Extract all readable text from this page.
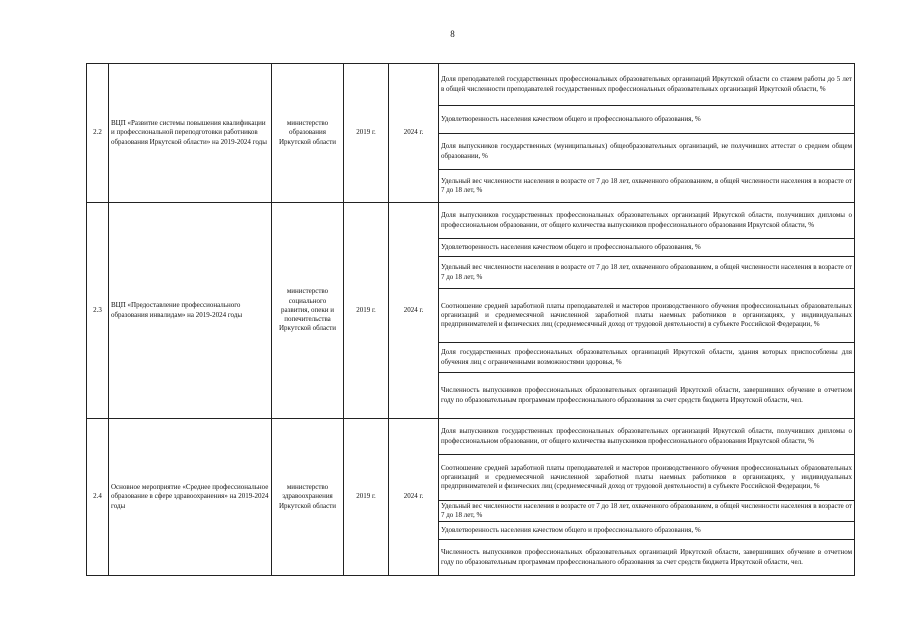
8
2.2	ВЦП «Развитие системы повышения квалификации и профессиональной переподготовки работников образования Иркутской области» на 2019-2024 годы	министерство образования Иркутской области	2019 г.	2024 г.	Доля преподавателей государственных профессиональных образовательных организаций Иркутской области со стажем работы до 5 лет в общей численности преподавателей государственных профессиональных образовательных организаций Иркутской области, %
					Удовлетворенность населения качеством общего и профессионального образования, %
					Доля выпускников государственных (муниципальных) общеобразовательных организаций, не получивших аттестат о среднем общем образовании, %
					Удельный вес численности населения в возрасте от 7 до 18 лет, охваченного образованием, в общей численности населения в возрасте от 7 до 18 лет, %
2.3	ВЦП «Предоставление профессионального образования инвалидам» на 2019-2024 годы	министерство социального развития, опеки и попечительства Иркутской области	2019 г.	2024 г.	Доля выпускников государственных профессиональных образовательных организаций Иркутской области, получивших дипломы о профессиональном образовании, от общего количества выпускников профессионального образования Иркутской области, %
					Удовлетворенность населения качеством общего и профессионального образования, %
					Удельный вес численности населения в возрасте от 7 до 18 лет, охваченного образованием, в общей численности населения в возрасте от 7 до 18 лет, %
					Соотношение средней заработной платы преподавателей и мастеров производственного обучения профессиональных образовательных организаций и среднемесячной начисленной заработной платы наемных работников в организациях, у индивидуальных предпринимателей и физических лиц (среднемесячный доход от трудовой деятельности) в субъекте Российской Федерации, %
					Доля государственных профессиональных образовательных организаций Иркутской области, здания которых приспособлены для обучения лиц с ограниченными возможностями здоровья, %
					Численность выпускников профессиональных образовательных организаций Иркутской области, завершивших обучение в отчетном году по образовательным программам профессионального образования за счет средств бюджета Иркутской области, чел.
2.4	Основное мероприятие «Среднее профессиональное образование в сфере здравоохранения» на 2019-2024 годы	министерство здравоохранения Иркутской области	2019 г.	2024 г.	Доля выпускников государственных профессиональных образовательных организаций Иркутской области, получивших дипломы о профессиональном образовании, от общего количества выпускников профессионального образования Иркутской области, %
					Соотношение средней заработной платы преподавателей и мастеров производственного обучения профессиональных образовательных организаций и среднемесячной начисленной заработной платы наемных работников в организациях, у индивидуальных предпринимателей и физических лиц (среднемесячный доход от трудовой деятельности) в субъекте Российской Федерации, %
					Удельный вес численности населения в возрасте от 7 до 18 лет, охваченного образованием, в общей численности населения в возрасте от 7 до 18 лет, %
					Удовлетворенность населения качеством общего и профессионального образования, %
					Численность выпускников профессиональных образовательных организаций Иркутской области, завершивших обучение в отчетном году по образовательным программам профессионального образования за счет средств бюджета Иркутской области, чел.
